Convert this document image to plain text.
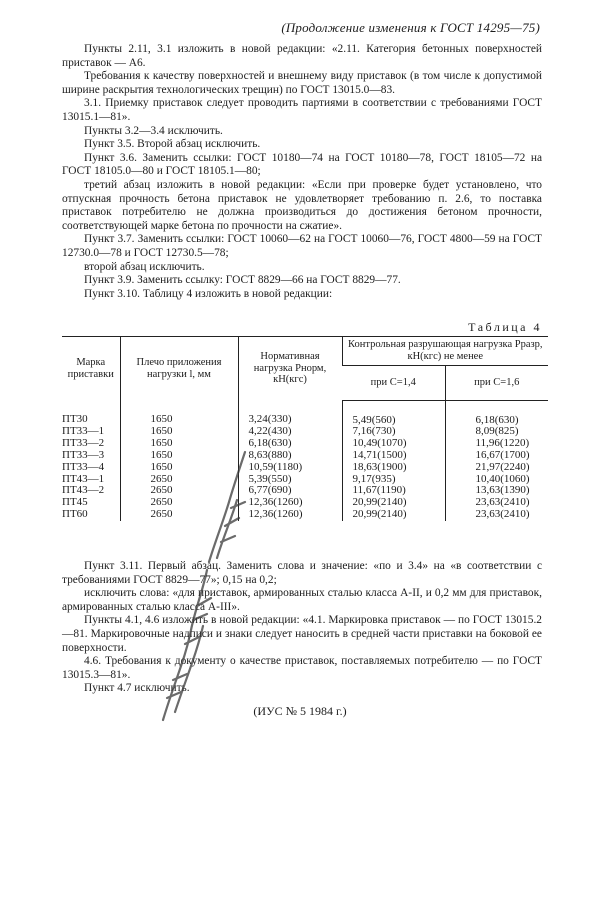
(Продолжение изменения к ГОСТ 14295—75)

Пункты 2.11, 3.1 изложить в новой редакции: «2.11. Категория бетонных поверхностей приставок — А6.

Требования к качеству поверхностей и внешнему виду приставок (в том числе к допустимой ширине раскрытия технологических трещин) по ГОСТ 13015.0—83.

3.1. Приемку приставок следует проводить партиями в соответствии с требованиями ГОСТ 13015.1—81».

Пункты 3.2—3.4 исключить.

Пункт 3.5. Второй абзац исключить.

Пункт 3.6. Заменить ссылки: ГОСТ 10180—74 на ГОСТ 10180—78, ГОСТ 18105—72 на ГОСТ 18105.0—80 и ГОСТ 18105.1—80;

третий абзац изложить в новой редакции: «Если при проверке будет установлено, что отпускная прочность бетона приставок не удовлетворяет требованию п. 2.6, то поставка приставок потребителю не должна производиться до достижения бетоном прочности, соответствующей марке бетона по прочности на сжатие».

Пункт 3.7. Заменить ссылки: ГОСТ 10060—62 на ГОСТ 10060—76, ГОСТ 4800—59 на ГОСТ 12730.0—78 и ГОСТ 12730.5—78;

второй абзац исключить.

Пункт 3.9. Заменить ссылку: ГОСТ 8829—66 на ГОСТ 8829—77.

Пункт 3.10. Таблицу 4 изложить в новой редакции:

Таблица 4
Марка приставки	Плечо приложения нагрузки l, мм	Нормативная нагрузка Pнорм, кН(кгс)	Контрольная разрушающая нагрузка Pразр, кН(кгс) не менее	
			при C=1,4	при C=1,6
ПТ30	1650	3,24(330)	5,49(560)	6,18(630)
ПТ33—1	1650	4,22(430)	7,16(730)	8,09(825)
ПТ33—2	1650	6,18(630)	10,49(1070)	11,96(1220)
ПТ33—3	1650	8,63(880)	14,71(1500)	16,67(1700)
ПТ33—4	1650	10,59(1180)	18,63(1900)	21,97(2240)
ПТ43—1	2650	5,39(550)	9,17(935)	10,40(1060)
ПТ43—2	2650	6,77(690)	11,67(1190)	13,63(1390)
ПТ45	2650	12,36(1260)	20,99(2140)	23,63(2410)
ПТ60	2650	12,36(1260)	20,99(2140)	23,63(2410)

Пункт 3.11. Первый абзац. Заменить слова и значение: «по и 3.4» на «в соответствии с требованиями ГОСТ 8829—77»; 0,15 на 0,2;

исключить слова: «для приставок, армированных сталью класса А-II, и 0,2 мм для приставок, армированных сталью класса А-III».

Пункты 4.1, 4.6 изложить в новой редакции: «4.1. Маркировка приставок — по ГОСТ 13015.2—81. Маркировочные надписи и знаки следует наносить в средней части приставки на боковой ее поверхности.

4.6. Требования к документу о качестве приставок, поставляемых потребителю — по ГОСТ 13015.3—81».

Пункт 4.7 исключить.

(ИУС № 5 1984 г.)
